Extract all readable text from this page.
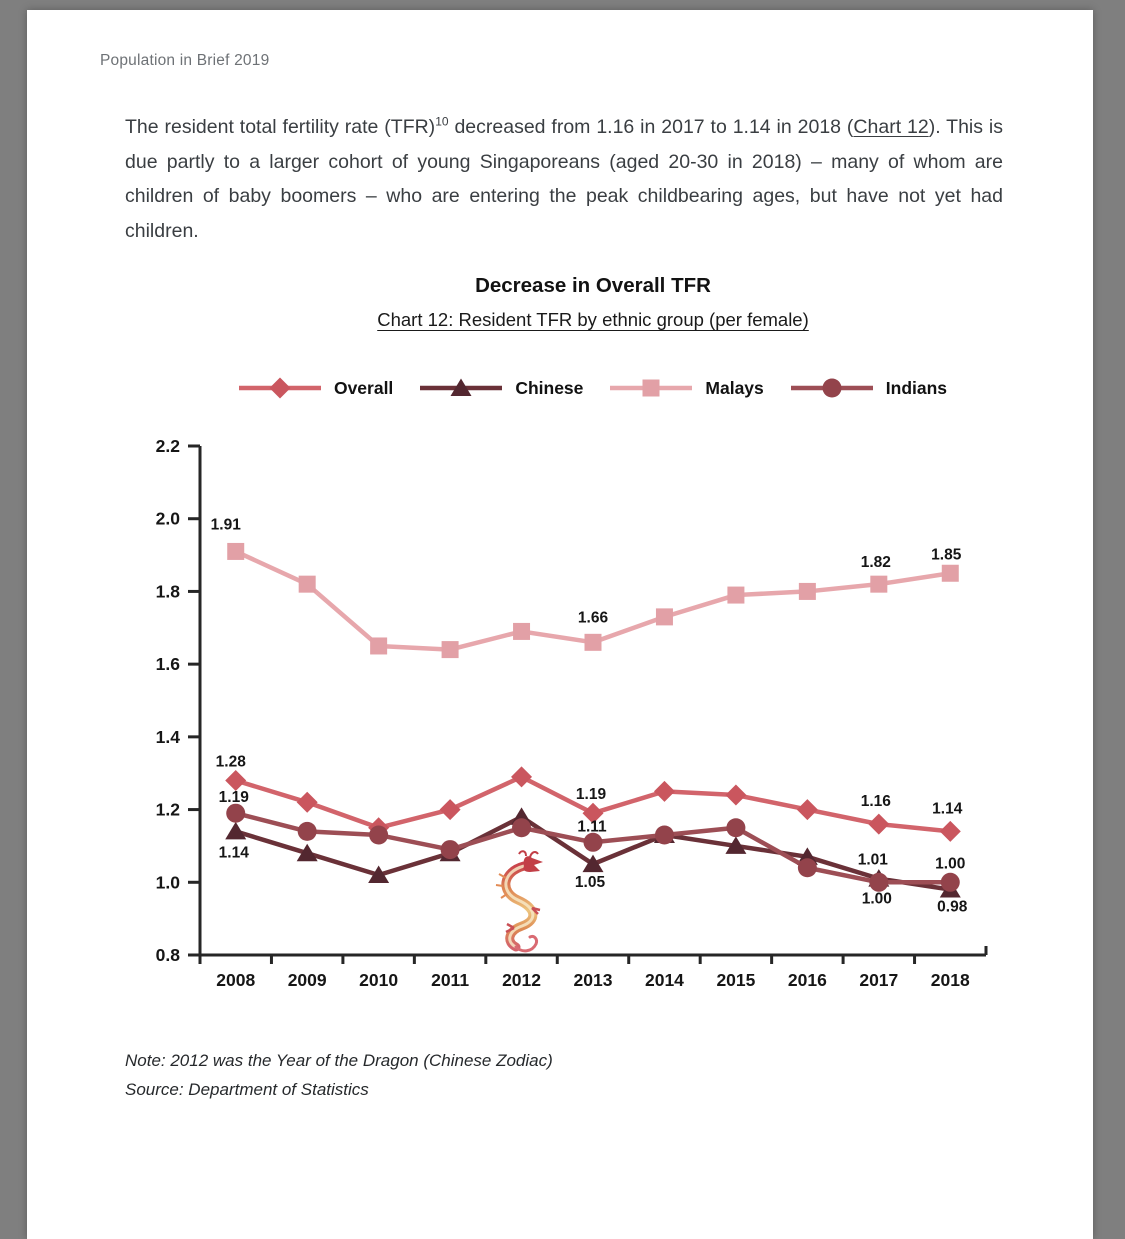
Population in Brief 2019

The resident total fertility rate (TFR)$^{10}$ decreased from 1.16 in 2017 to 1.14 in 2018 (Chart 12). This is due partly to a larger cohort of young Singaporeans (aged 20-30 in 2018) – many of whom are children of baby boomers – who are entering the peak childbearing ages, but have not yet had children.

Decrease in Overall TFR
Chart 12: Resident TFR by ethnic group (per female)
Overall	Chinese	Malays	Indians
0.8
1.0
1.2
1.4
1.6
1.8
2.0
2.2
2008 2009 2010 2011 2012 2013 2014 2015 2016 2017 2018
1.91
1.28
1.19
1.14
1.66
1.19
1.11
1.05
1.82	1.85
1.16	1.14
1.01
1.00
1.00
0.98
Note: 2012 was the Year of the Dragon (Chinese Zodiac)
Source: Department of Statistics
